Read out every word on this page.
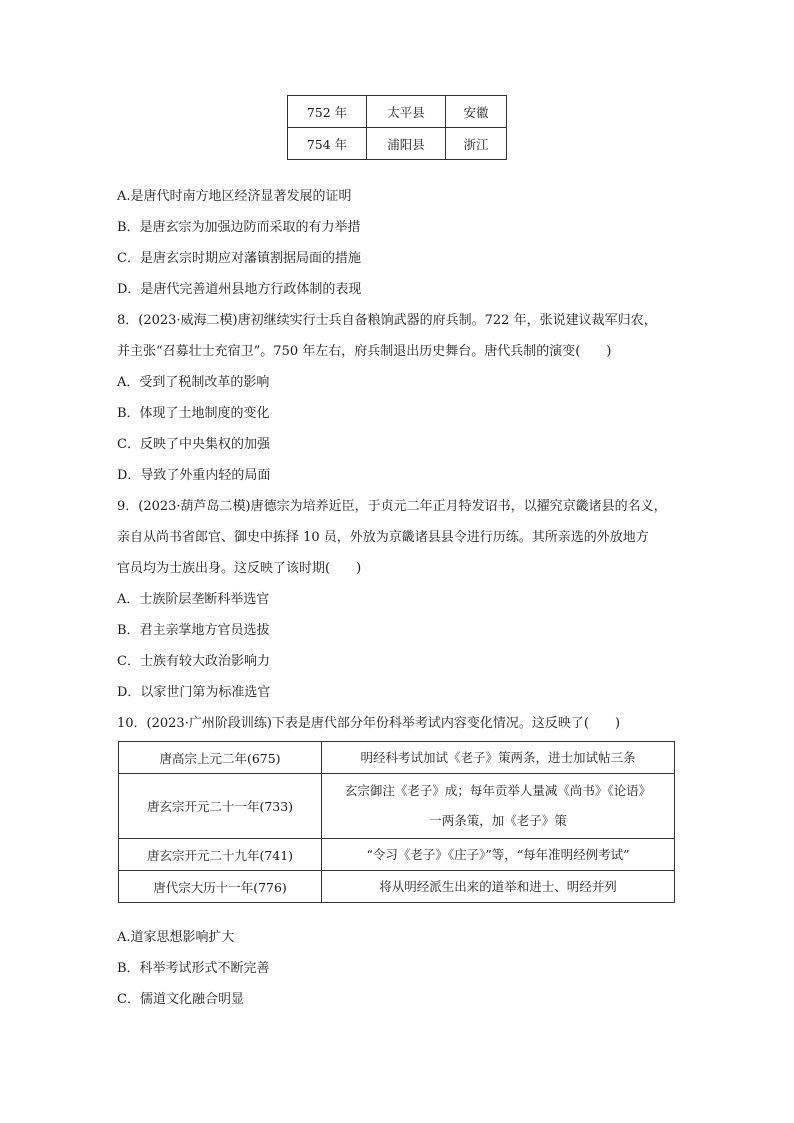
752 年	太平县	安徽
754 年	浦阳县	浙江
A.是唐代时南方地区经济显著发展的证明
B．是唐玄宗为加强边防而采取的有力举措
C．是唐玄宗时期应对藩镇割据局面的措施
D．是唐代完善道州县地方行政体制的表现
8．(2023·威海二模)唐初继续实行士兵自备粮饷武器的府兵制。722 年，张说建议裁军归农，
并主张“召募壮士充宿卫”。750 年左右，府兵制退出历史舞台。唐代兵制的演变(　　)
A．受到了税制改革的影响
B．体现了土地制度的变化
C．反映了中央集权的加强
D．导致了外重内轻的局面
9．(2023·葫芦岛二模)唐德宗为培养近臣，于贞元二年正月特发诏书，以擢究京畿诸县的名义，
亲自从尚书省郎官、御史中拣择 10 员，外放为京畿诸县县令进行历练。其所亲选的外放地方
官员均为士族出身。这反映了该时期(　　)
A．士族阶层垄断科举选官
B．君主亲掌地方官员选拔
C．士族有较大政治影响力
D．以家世门第为标准选官
10．(2023·广州阶段训练)下表是唐代部分年份科举考试内容变化情况。这反映了(　　)
唐高宗上元二年(675)	明经科考试加试《老子》策两条，进士加试帖三条
唐玄宗开元二十一年(733)	玄宗御注《老子》成；每年贡举人量减《尚书》《论语》
一两条策，加《老子》策

唐玄宗开元二十九年(741)	“令习《老子》《庄子》”等，“每年准明经例考试”
唐代宗大历十一年(776)	将从明经派生出来的道举和进士、明经并列
A.道家思想影响扩大
B．科举考试形式不断完善
C．儒道文化融合明显
